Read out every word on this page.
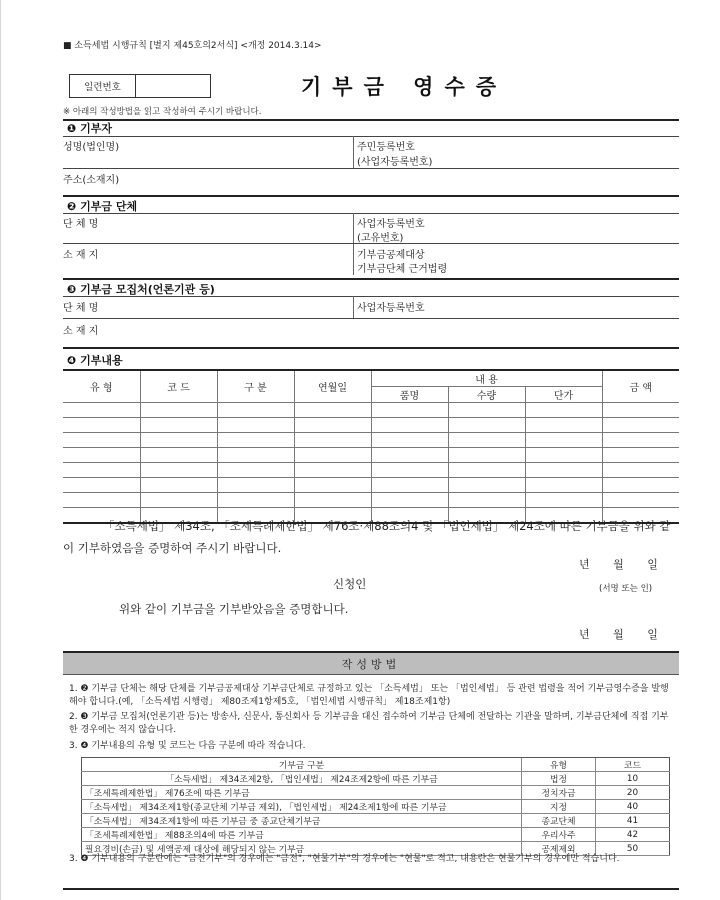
■ 소득세법 시행규칙 [별지 제45호의2서식] <개정 2014.3.14>
일련번호	기부금 영수증
※ 아래의 작성방법을 읽고 작성하여 주시기 바랍니다.
❶ 기부자
성명(법인명)	주민등록번호
(사업자등록번호)
주소(소재지)
❷ 기부금 단체
단 체 명	사업자등록번호
(고유번호)
소 재 지	기부금공제대상
기부금단체 근거법령
❸ 기부금 모집처(언론기관 등)
단 체 명	사업자등록번호
소 재 지
❹ 기부내용
유 형	코 드	구 분	연월일	내 용			금 액
				품명	수량	단가	

「소득세법」 제34조, 「조세특례제한법」 제76조·제88조의4 및 「법인세법」 제24조에 따른 기부금을 위와 같이 기부하였음을 증명하여 주시기 바랍니다.
년 월 일
신청인	(서명 또는 인)
위와 같이 기부금을 기부받았음을 증명합니다.
년 월 일
작성방법
1. ❷ 기부금 단체는 해당 단체를 기부금공제대상 기부금단체로 규정하고 있는 「소득세법」 또는 「법인세법」 등 관련 법령을 적어 기부금영수증을 발행해야 합니다.(예, 「소득세법 시행령」 제80조제1항제5호, 「법인세법 시행규칙」 제18조제1항)
2. ❸ 기부금 모집처(언론기관 등)는 방송사, 신문사, 통신회사 등 기부금을 대신 접수하여 기부금 단체에 전달하는 기관을 말하며, 기부금단체에 직접 기부한 경우에는 적지 않습니다.
3. ❹ 기부내용의 유형 및 코드는 다음 구분에 따라 적습니다.
기부금 구분	유형	코드
「소득세법」 제34조제2항, 「법인세법」 제24조제2항에 따른 기부금	법정	10
「조세특례제한법」 제76조에 따른 기부금	정치자금	20
「소득세법」 제34조제1항(종교단체 기부금 제외), 「법인세법」 제24조제1항에 따른 기부금	지정	40
「소득세법」 제34조제1항에 따른 기부금 중 종교단체기부금	종교단체	41
「조세특례제한법」 제88조의4에 따른 기부금	우리사주	42
필요경비(손금) 및 세액공제 대상에 해당되지 않는 기부금	공제제외	50
3. ❹ 기부내용의 구분란에는 "금전기부"의 경우에는 "금전", "현물기부"의 경우에는 "현물"로 적고, 내용란은 현물기부의 경우에만 적습니다.
